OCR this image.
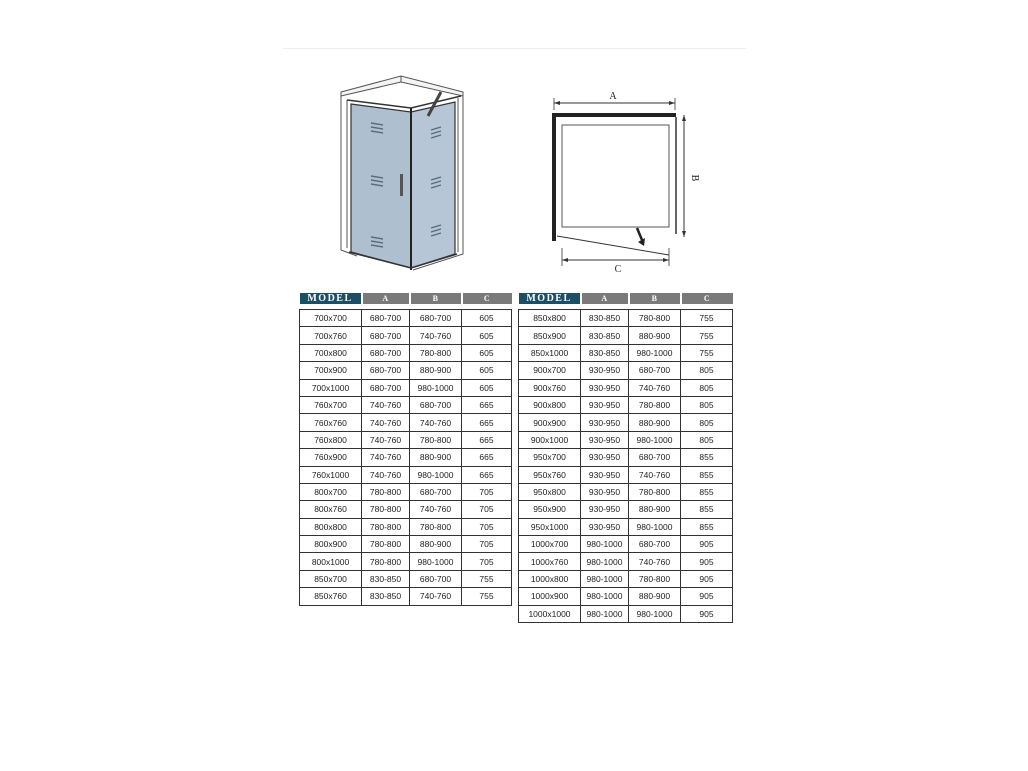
A
B
C
MODEL	A	B	C

700x700	680-700	680-700	605
700x760	680-700	740-760	605
700x800	680-700	780-800	605
700x900	680-700	880-900	605
700x1000	680-700	980-1000	605
760x700	740-760	680-700	665
760x760	740-760	740-760	665
760x800	740-760	780-800	665
760x900	740-760	880-900	665
760x1000	740-760	980-1000	665
800x700	780-800	680-700	705
800x760	780-800	740-760	705
800x800	780-800	780-800	705
800x900	780-800	880-900	705
800x1000	780-800	980-1000	705
850x700	830-850	680-700	755
850x760	830-850	740-760	755
MODEL	A	B	C

850x800	830-850	780-800	755
850x900	830-850	880-900	755
850x1000	830-850	980-1000	755
900x700	930-950	680-700	805
900x760	930-950	740-760	805
900x800	930-950	780-800	805
900x900	930-950	880-900	805
900x1000	930-950	980-1000	805
950x700	930-950	680-700	855
950x760	930-950	740-760	855
950x800	930-950	780-800	855
950x900	930-950	880-900	855
950x1000	930-950	980-1000	855
1000x700	980-1000	680-700	905
1000x760	980-1000	740-760	905
1000x800	980-1000	780-800	905
1000x900	980-1000	880-900	905
1000x1000	980-1000	980-1000	905
